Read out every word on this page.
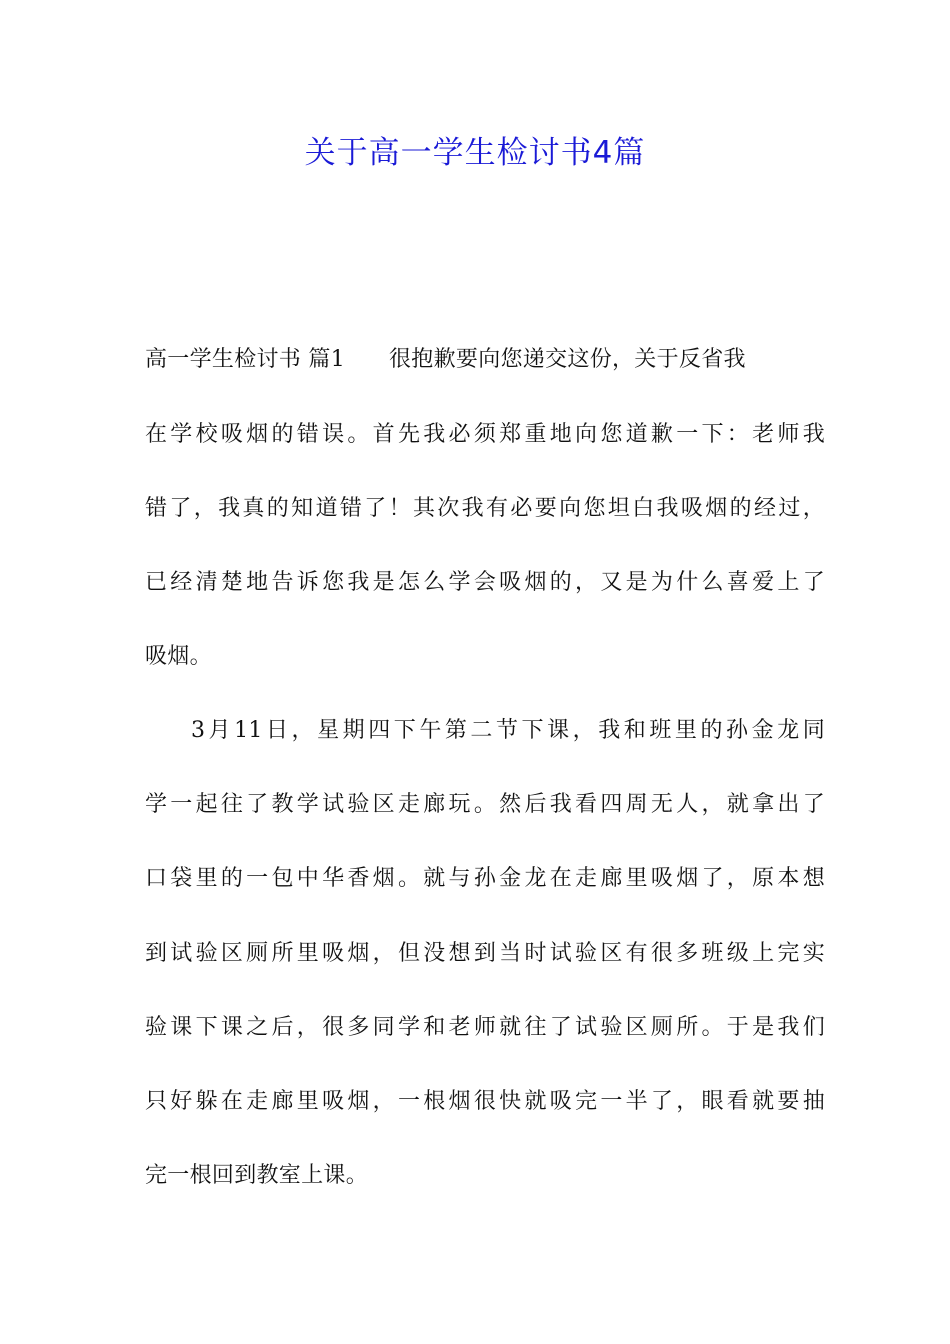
关于高一学生检讨书4篇
高一学生检讨书 篇1 很抱歉要向您递交这份，关于反省我
在学校吸烟的错误。首先我必须郑重地向您道歉一下：老师我
错了，我真的知道错了！其次我有必要向您坦白我吸烟的经过，
已经清楚地告诉您我是怎么学会吸烟的，又是为什么喜爱上了
吸烟。
3月11日，星期四下午第二节下课，我和班里的孙金龙同
学一起往了教学试验区走廊玩。然后我看四周无人，就拿出了
口袋里的一包中华香烟。就与孙金龙在走廊里吸烟了，原本想
到试验区厕所里吸烟，但没想到当时试验区有很多班级上完实
验课下课之后，很多同学和老师就往了试验区厕所。于是我们
只好躲在走廊里吸烟，一根烟很快就吸完一半了，眼看就要抽
完一根回到教室上课。
